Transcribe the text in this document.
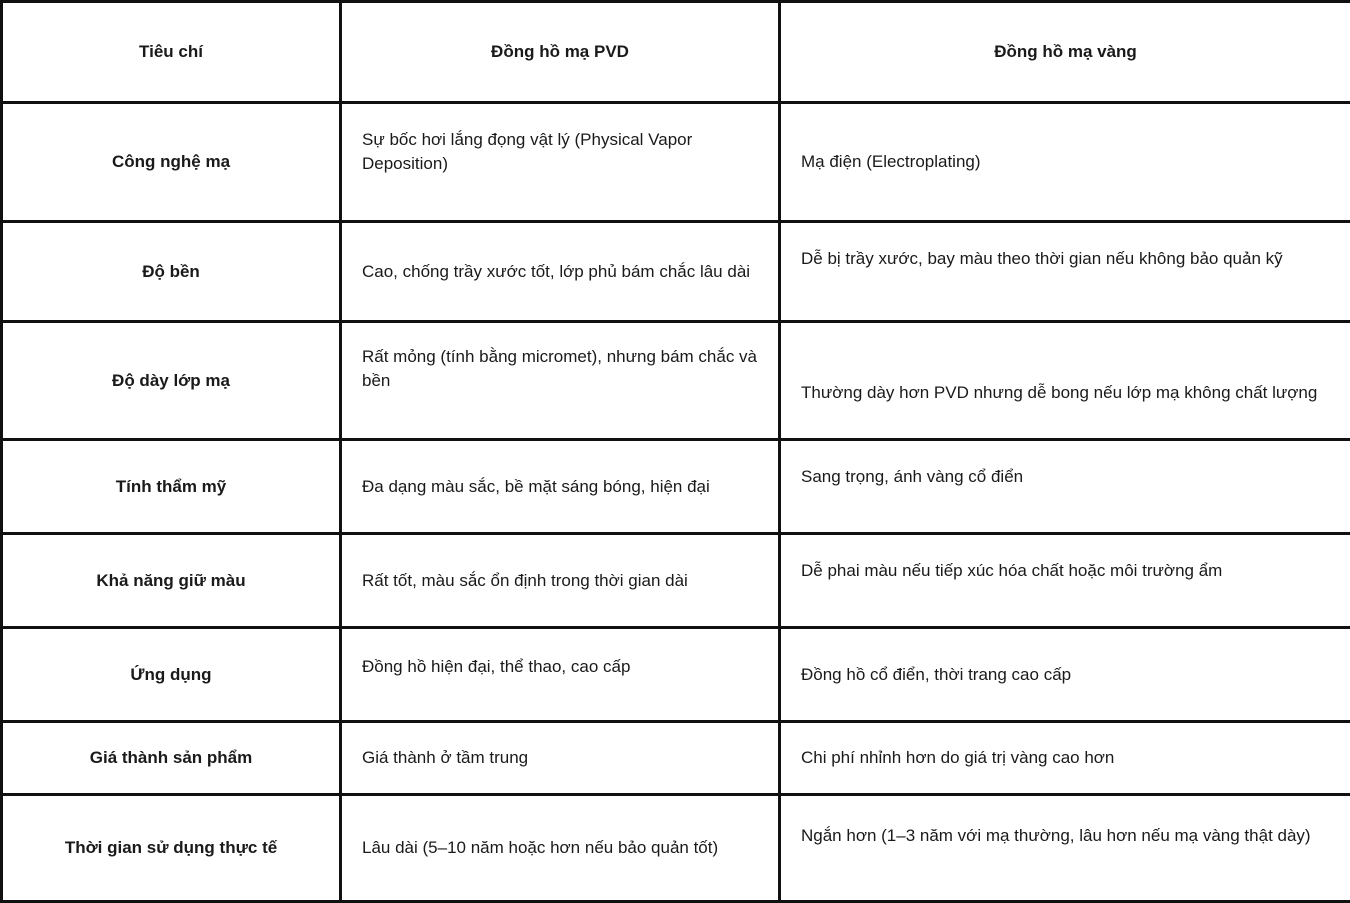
Tiêu chí	Đồng hồ mạ PVD	Đồng hồ mạ vàng
Công nghệ mạ	Sự bốc hơi lắng đọng vật lý (Physical Vapor Deposition)	Mạ điện (Electroplating)
Độ bền	Cao, chống trầy xước tốt, lớp phủ bám chắc lâu dài	Dễ bị trầy xước, bay màu theo thời gian nếu không bảo quản kỹ
Độ dày lớp mạ	Rất mỏng (tính bằng micromet), nhưng bám chắc và bền	Thường dày hơn PVD nhưng dễ bong nếu lớp mạ không chất lượng
Tính thẩm mỹ	Đa dạng màu sắc, bề mặt sáng bóng, hiện đại	Sang trọng, ánh vàng cổ điển
Khả năng giữ màu	Rất tốt, màu sắc ổn định trong thời gian dài	Dễ phai màu nếu tiếp xúc hóa chất hoặc môi trường ẩm
Ứng dụng	Đồng hồ hiện đại, thể thao, cao cấp	Đồng hồ cổ điển, thời trang cao cấp
Giá thành sản phẩm	Giá thành ở tầm trung	Chi phí nhỉnh hơn do giá trị vàng cao hơn
Thời gian sử dụng thực tế	Lâu dài (5–10 năm hoặc hơn nếu bảo quản tốt)	Ngắn hơn (1–3 năm với mạ thường, lâu hơn nếu mạ vàng thật dày)
